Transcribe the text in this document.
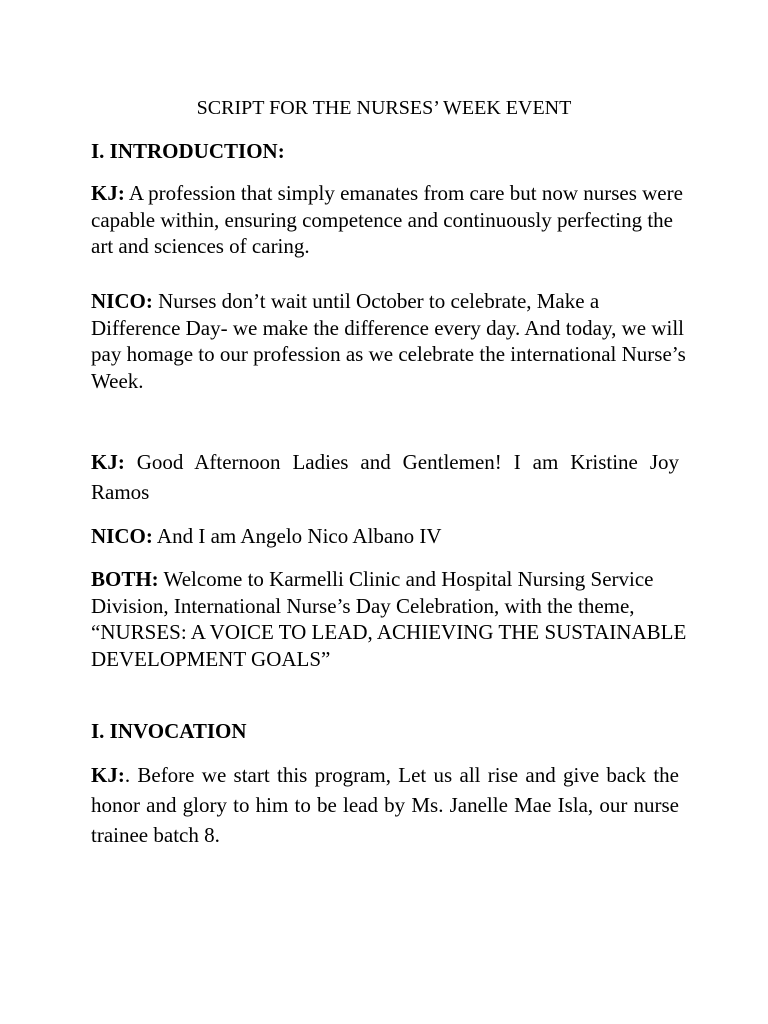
SCRIPT FOR THE NURSES’ WEEK EVENT
I. INTRODUCTION:

KJ: A profession that simply emanates from care but now nurses were capable within, ensuring competence and continuously perfecting the art and sciences of caring.

NICO: Nurses don’t wait until October to celebrate, Make a Difference Day- we make the difference every day. And today, we will pay homage to our profession as we celebrate the international Nurse’s Week.

KJ: Good Afternoon Ladies and Gentlemen! I am Kristine Joy Ramos

NICO: And I am Angelo Nico Albano IV

BOTH: Welcome to Karmelli Clinic and Hospital Nursing Service Division, International Nurse’s Day Celebration, with the theme, “NURSES: A VOICE TO LEAD, ACHIEVING THE SUSTAINABLE DEVELOPMENT GOALS”

I. INVOCATION

KJ:. Before we start this program, Let us all rise and give back the honor and glory to him to be lead by Ms. Janelle Mae Isla, our nurse trainee batch 8.
